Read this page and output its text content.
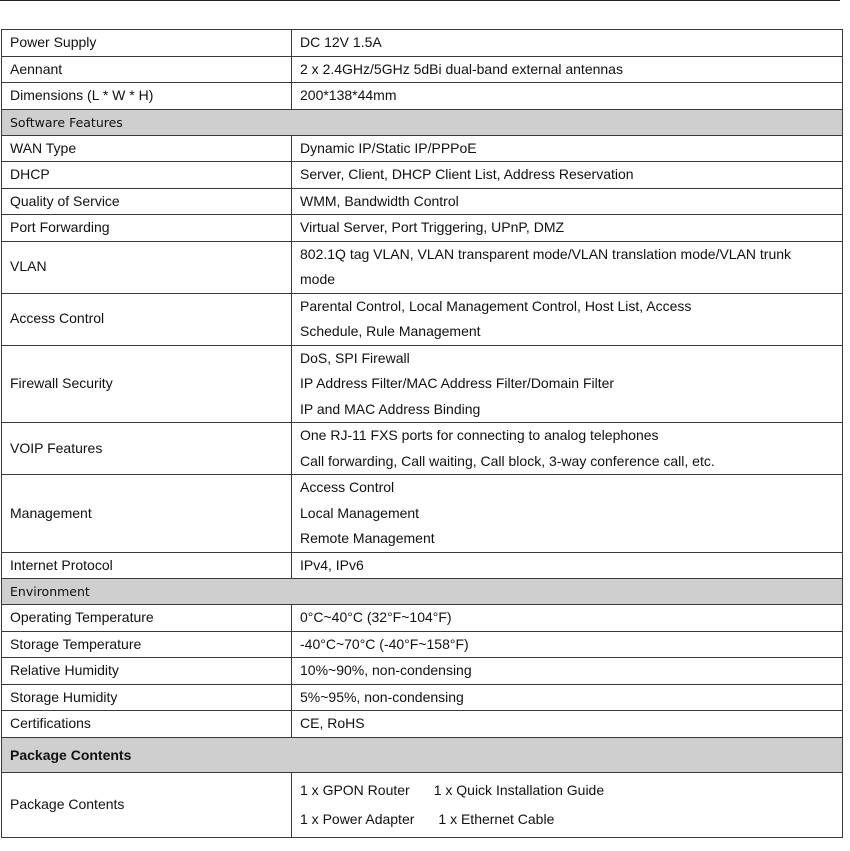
Power Supply	DC 12V 1.5A

Aennant	2 x 2.4GHz/5GHz 5dBi dual-band external antennas

Dimensions (L * W * H)	200*138*44mm

Software Features	
WAN Type	Dynamic IP/Static IP/PPPoE

DHCP	Server, Client, DHCP Client List, Address Reservation

Quality of Service	WMM, Bandwidth Control

Port Forwarding	Virtual Server, Port Triggering, UPnP, DMZ

VLAN	802.1Q tag VLAN, VLAN transparent mode/VLAN translation mode/VLAN trunk
mode

Access Control	Parental Control, Local Management Control, Host List, Access
Schedule, Rule Management

Firewall Security	DoS, SPI Firewall
IP Address Filter/MAC Address Filter/Domain Filter
IP and MAC Address Binding

VOIP Features	One RJ-11 FXS ports for connecting to analog telephones
Call forwarding, Call waiting, Call block, 3-way conference call, etc.

Management	Access Control
Local Management
Remote Management

Internet Protocol	IPv4, IPv6

Environment	
Operating Temperature	0°C~40°C (32°F~104°F)

Storage Temperature	-40°C~70°C (-40°F~158°F)

Relative Humidity	10%~90%, non-condensing

Storage Humidity	5%~95%, non-condensing

Certifications	CE, RoHS

Package Contents	
Package Contents	1 x GPON Router 1 x Quick Installation Guide
1 x Power Adapter 1 x Ethernet Cable
